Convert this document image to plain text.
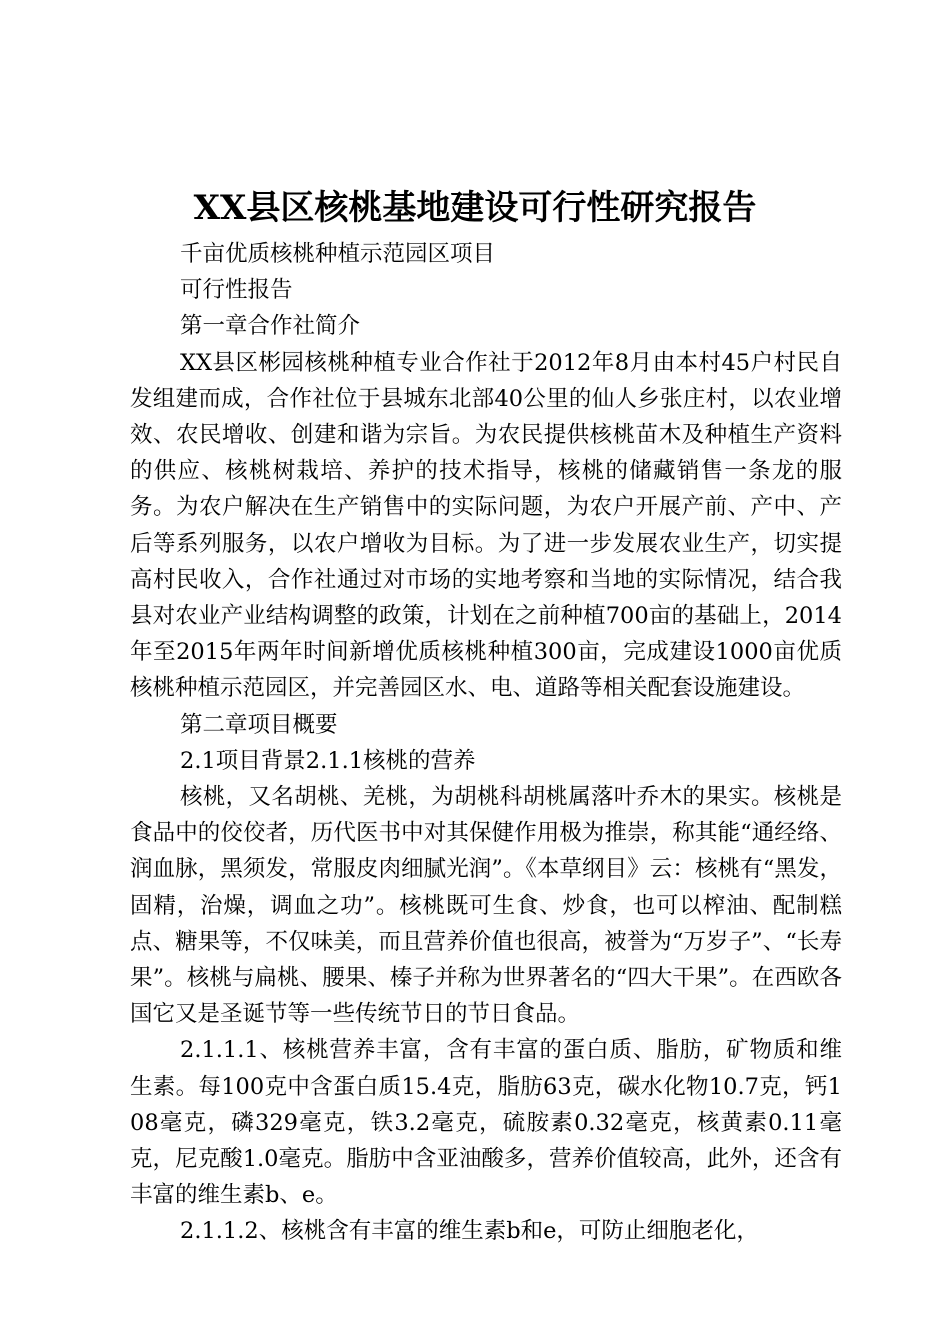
XX县区核桃基地建设可行性研究报告

千亩优质核桃种植示范园区项目

可行性报告

第一章合作社简介

XX县区彬园核桃种植专业合作社于2012年8月由本村45户村民自发组建而成，合作社位于县城东北部40公里的仙人乡张庄村，以农业增效、农民增收、创建和谐为宗旨。为农民提供核桃苗木及种植生产资料的供应、核桃树栽培、养护的技术指导，核桃的储藏销售一条龙的服务。为农户解决在生产销售中的实际问题，为农户开展产前、产中、产后等系列服务，以农户增收为目标。为了进一步发展农业生产，切实提高村民收入，合作社通过对市场的实地考察和当地的实际情况，结合我县对农业产业结构调整的政策，计划在之前种植700亩的基础上，2014年至2015年两年时间新增优质核桃种植300亩，完成建设1000亩优质核桃种植示范园区，并完善园区水、电、道路等相关配套设施建设。

第二章项目概要

2.1项目背景2.1.1核桃的营养

核桃，又名胡桃、羌桃，为胡桃科胡桃属落叶乔木的果实。核桃是食品中的佼佼者，历代医书中对其保健作用极为推崇，称其能“通经络、润血脉，黑须发，常服皮肉细腻光润”。《本草纲目》云：核桃有“黑发，固精，治燥，调血之功”。核桃既可生食、炒食，也可以榨油、配制糕点、糖果等，不仅味美，而且营养价值也很高，被誉为“万岁子”、“长寿果”。核桃与扁桃、腰果、榛子并称为世界著名的“四大干果”。在西欧各国它又是圣诞节等一些传统节日的节日食品。

2.1.1.1、核桃营养丰富，含有丰富的蛋白质、脂肪，矿物质和维生素。每100克中含蛋白质15.4克，脂肪63克，碳水化物10.7克，钙108毫克，磷329毫克，铁3.2毫克，硫胺素0.32毫克，核黄素0.11毫克，尼克酸1.0毫克。脂肪中含亚油酸多，营养价值较高，此外，还含有丰富的维生素b、e。

2.1.1.2、核桃含有丰富的维生素b和e，可防止细胞老化，
